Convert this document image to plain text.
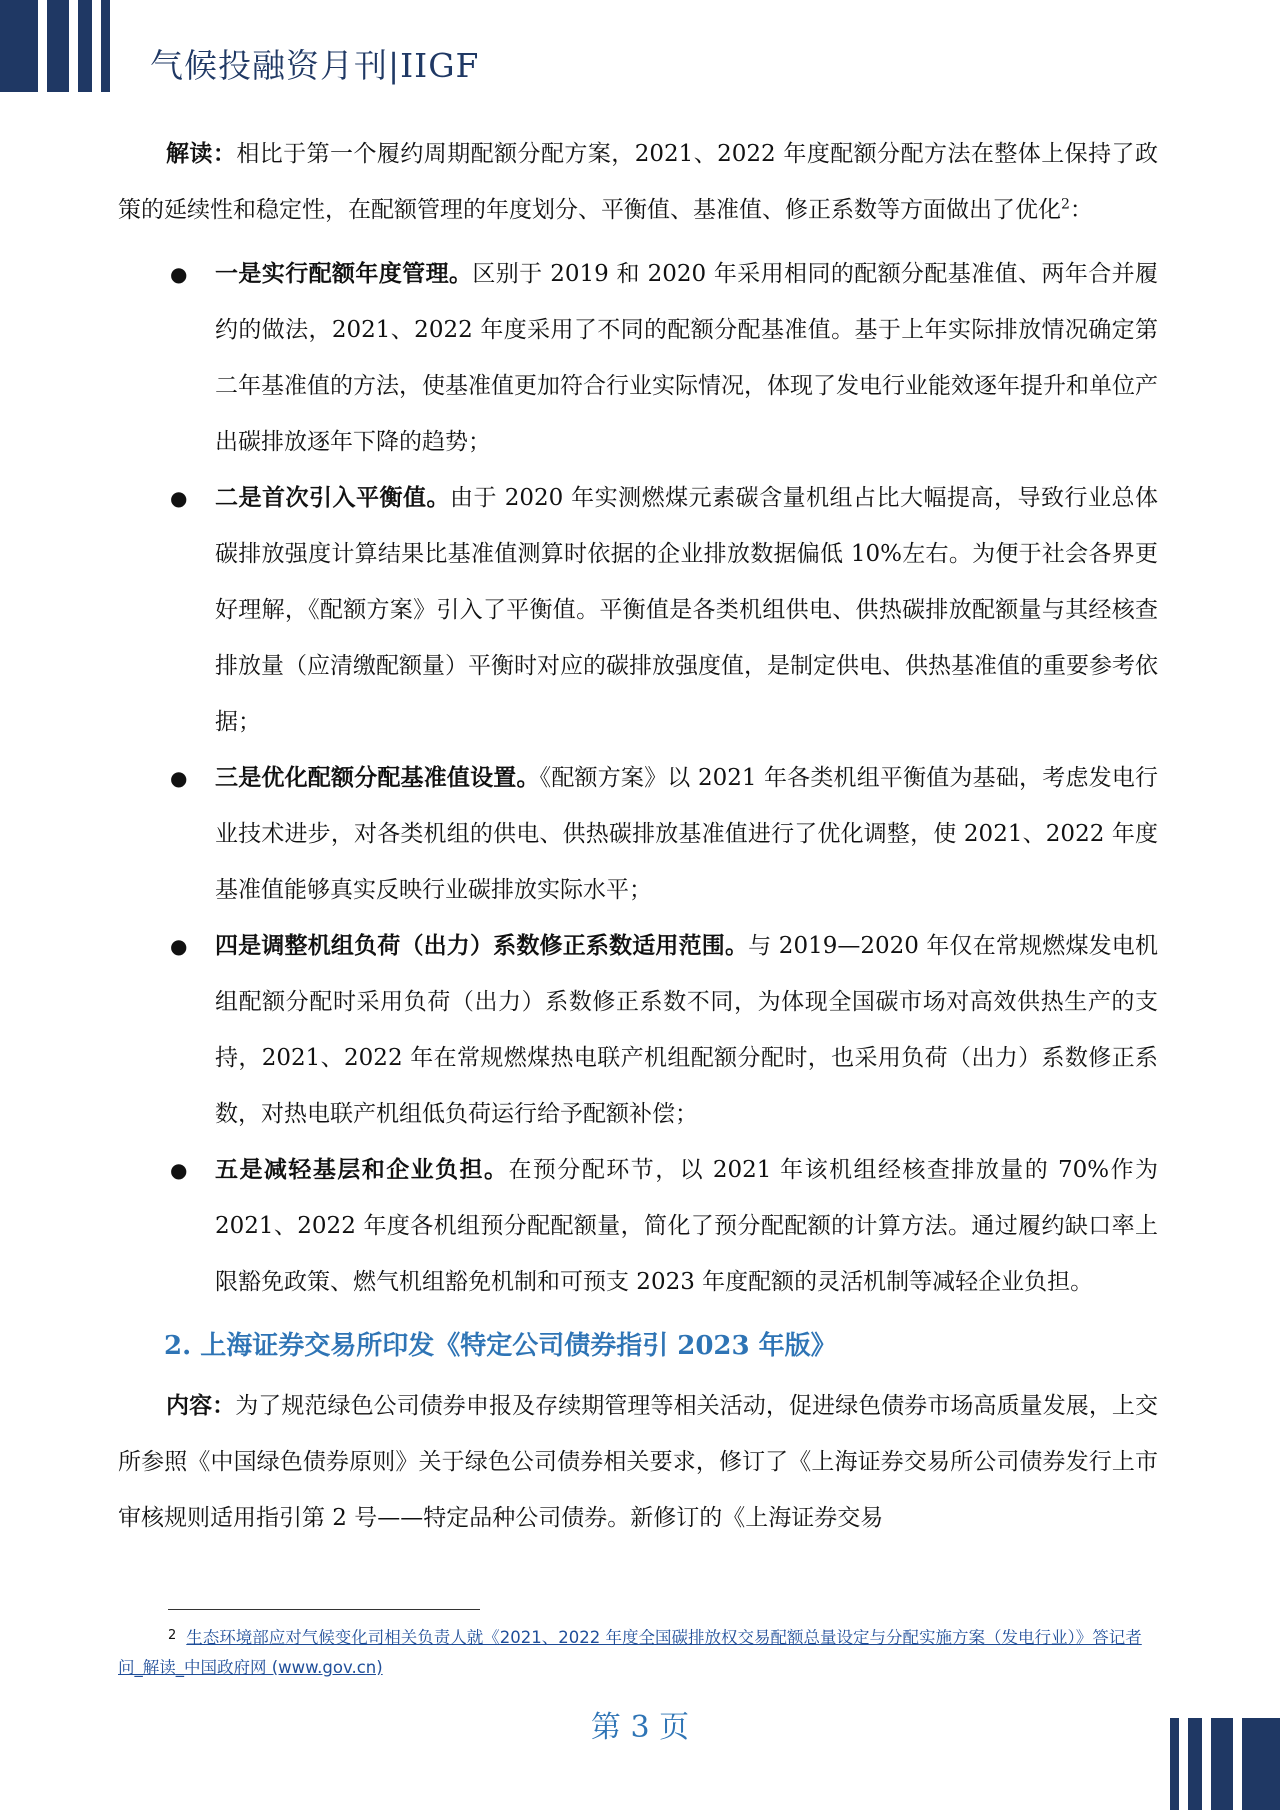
气候投融资月刊|IIGF

解读：相比于第一个履约周期配额分配方案，2021、2022 年度配额分配方法在整体上保持了政策的延续性和稳定性，在配额管理的年度划分、平衡值、基准值、修正系数等方面做出了优化$^2$：

● 一是实行配额年度管理。区别于 2019 和 2020 年采用相同的配额分配基准值、两年合并履约的做法，2021、2022 年度采用了不同的配额分配基准值。基于上年实际排放情况确定第二年基准值的方法，使基准值更加符合行业实际情况，体现了发电行业能效逐年提升和单位产出碳排放逐年下降的趋势；
● 二是首次引入平衡值。由于 2020 年实测燃煤元素碳含量机组占比大幅提高，导致行业总体碳排放强度计算结果比基准值测算时依据的企业排放数据偏低 10%左右。为便于社会各界更好理解，《配额方案》引入了平衡值。平衡值是各类机组供电、供热碳排放配额量与其经核查排放量（应清缴配额量）平衡时对应的碳排放强度值，是制定供电、供热基准值的重要参考依据；
● 三是优化配额分配基准值设置。《配额方案》以 2021 年各类机组平衡值为基础，考虑发电行业技术进步，对各类机组的供电、供热碳排放基准值进行了优化调整，使 2021、2022 年度基准值能够真实反映行业碳排放实际水平；
● 四是调整机组负荷（出力）系数修正系数适用范围。与 2019—2020 年仅在常规燃煤发电机组配额分配时采用负荷（出力）系数修正系数不同，为体现全国碳市场对高效供热生产的支持，2021、2022 年在常规燃煤热电联产机组配额分配时，也采用负荷（出力）系数修正系数，对热电联产机组低负荷运行给予配额补偿；
● 五是减轻基层和企业负担。在预分配环节，以 2021 年该机组经核查排放量的 70%作为 2021、2022 年度各机组预分配配额量，简化了预分配配额的计算方法。通过履约缺口率上限豁免政策、燃气机组豁免机制和可预支 2023 年度配额的灵活机制等减轻企业负担。
2. 上海证券交易所印发《特定公司债券指引 2023 年版》

内容：为了规范绿色公司债券申报及存续期管理等相关活动，促进绿色债券市场高质量发展，上交所参照《中国绿色债券原则》关于绿色公司债券相关要求，修订了《上海证券交易所公司债券发行上市审核规则适用指引第 2 号——特定品种公司债券。新修订的《上海证券交易

$^2$ 生态环境部应对气候变化司相关负责人就《2021、2022 年度全国碳排放权交易配额总量设定与分配实施方案（发电行业）》答记者问_解读_中国政府网 (www.gov.cn)
第 3 页
